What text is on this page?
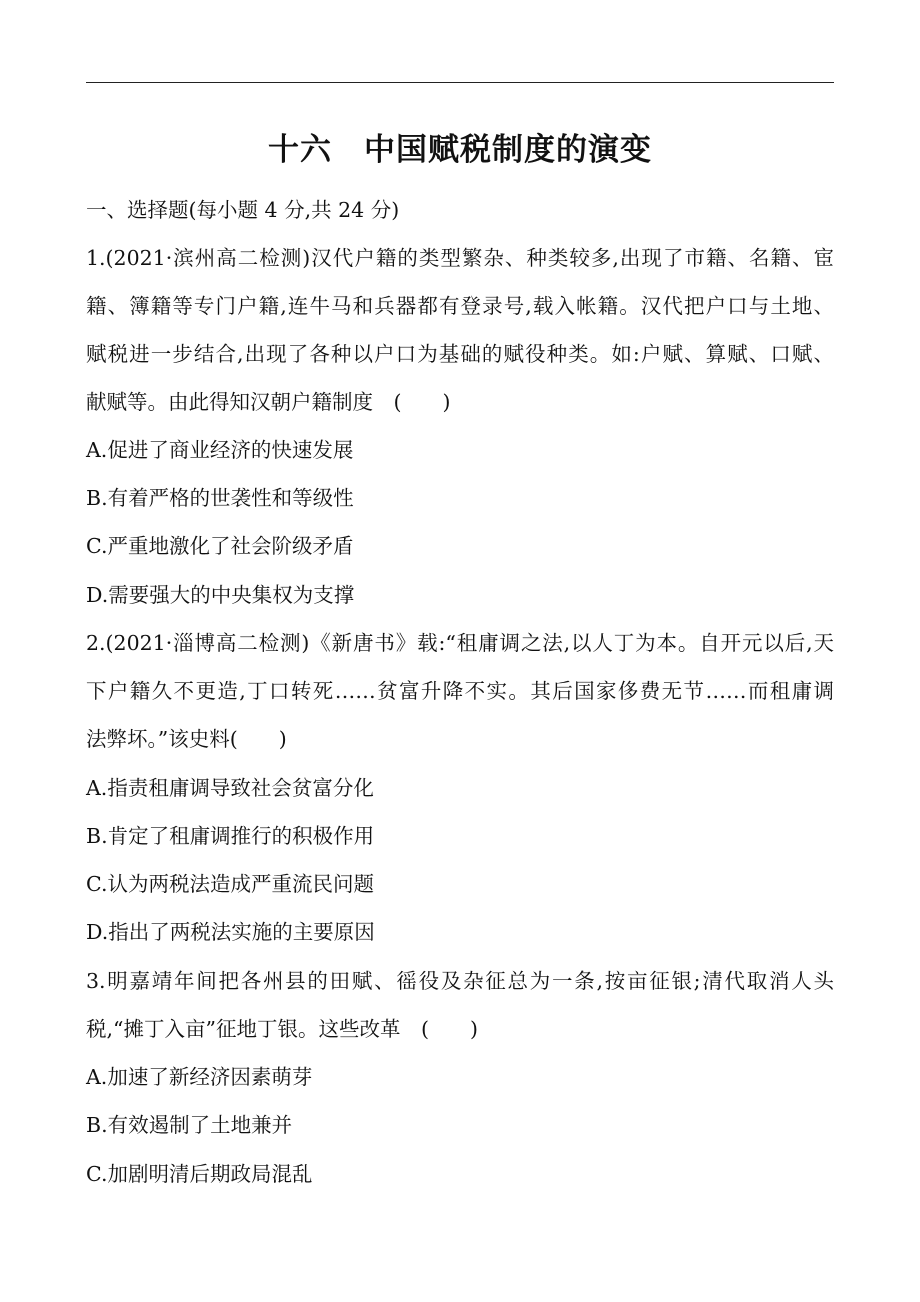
十六　中国赋税制度的演变
一、选择题(每小题 4 分,共 24 分)
1.(2021·滨州高二检测)汉代户籍的类型繁杂、种类较多,出现了市籍、名籍、宦
籍、簿籍等专门户籍,连牛马和兵器都有登录号,载入帐籍。汉代把户口与土地、
赋税进一步结合,出现了各种以户口为基础的赋役种类。如:户赋、算赋、口赋、
献赋等。由此得知汉朝户籍制度　(　　)
A.促进了商业经济的快速发展
B.有着严格的世袭性和等级性
C.严重地激化了社会阶级矛盾
D.需要强大的中央集权为支撑
2.(2021·淄博高二检测)《新唐书》载:“租庸调之法,以人丁为本。自开元以后,天
下户籍久不更造,丁口转死……贫富升降不实。其后国家侈费无节……而租庸调
法弊坏。”该史料(　　)
A.指责租庸调导致社会贫富分化
B.肯定了租庸调推行的积极作用
C.认为两税法造成严重流民问题
D.指出了两税法实施的主要原因
3.明嘉靖年间把各州县的田赋、徭役及杂征总为一条,按亩征银;清代取消人头
税,“摊丁入亩”征地丁银。这些改革　(　　)
A.加速了新经济因素萌芽
B.有效遏制了土地兼并
C.加剧明清后期政局混乱
